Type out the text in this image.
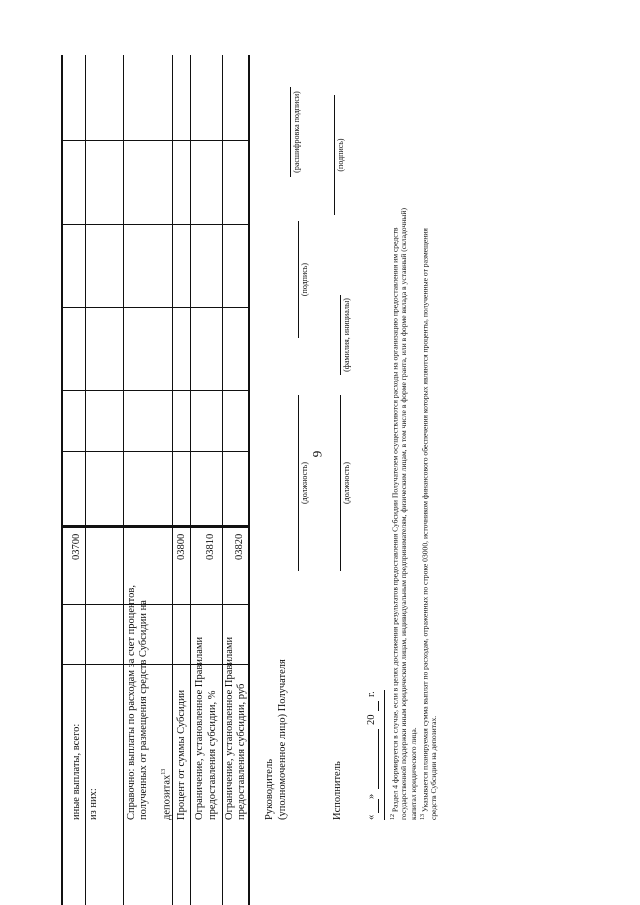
9
иные выплаты, всего:
03700
из них:	Справочно: выплаты по расходам за счет процентов, полученных от размещения средств Субсидии на	депозитах$^{13}$ Процент от суммы Субсидии
03800
Ограничение, установленное Правилами предоставления субсидии, %
03810
Ограничение, установленное Правилами предоставления субсидии, руб
03820
Руководитель (уполномоченное лицо) Получателя
(должность)
(подпись)
(расшифровка подписи)
Исполнитель
(должность)
(фамилия, инициалы)
(подпись)
«
»
20
г.
$^{12}$ Раздел 4 формируется в случае, если в целях достижения результатов предоставления Субсидии Получателем осуществляются расходы на организацию предоставления им средств государственной поддержки иным юридическим лицам, индивидуальным предпринимателям, физическим лицам, в том числе в форме гранта, или в форме вклада в уставный (складочный) капитал юридического лица. $^{13}$ Указывается планируемая сумма выплат по расходам, отраженных по строке 03000, источником финансового обеспечения которых являются проценты, полученные от размещения средств Субсидии на депозитах.
